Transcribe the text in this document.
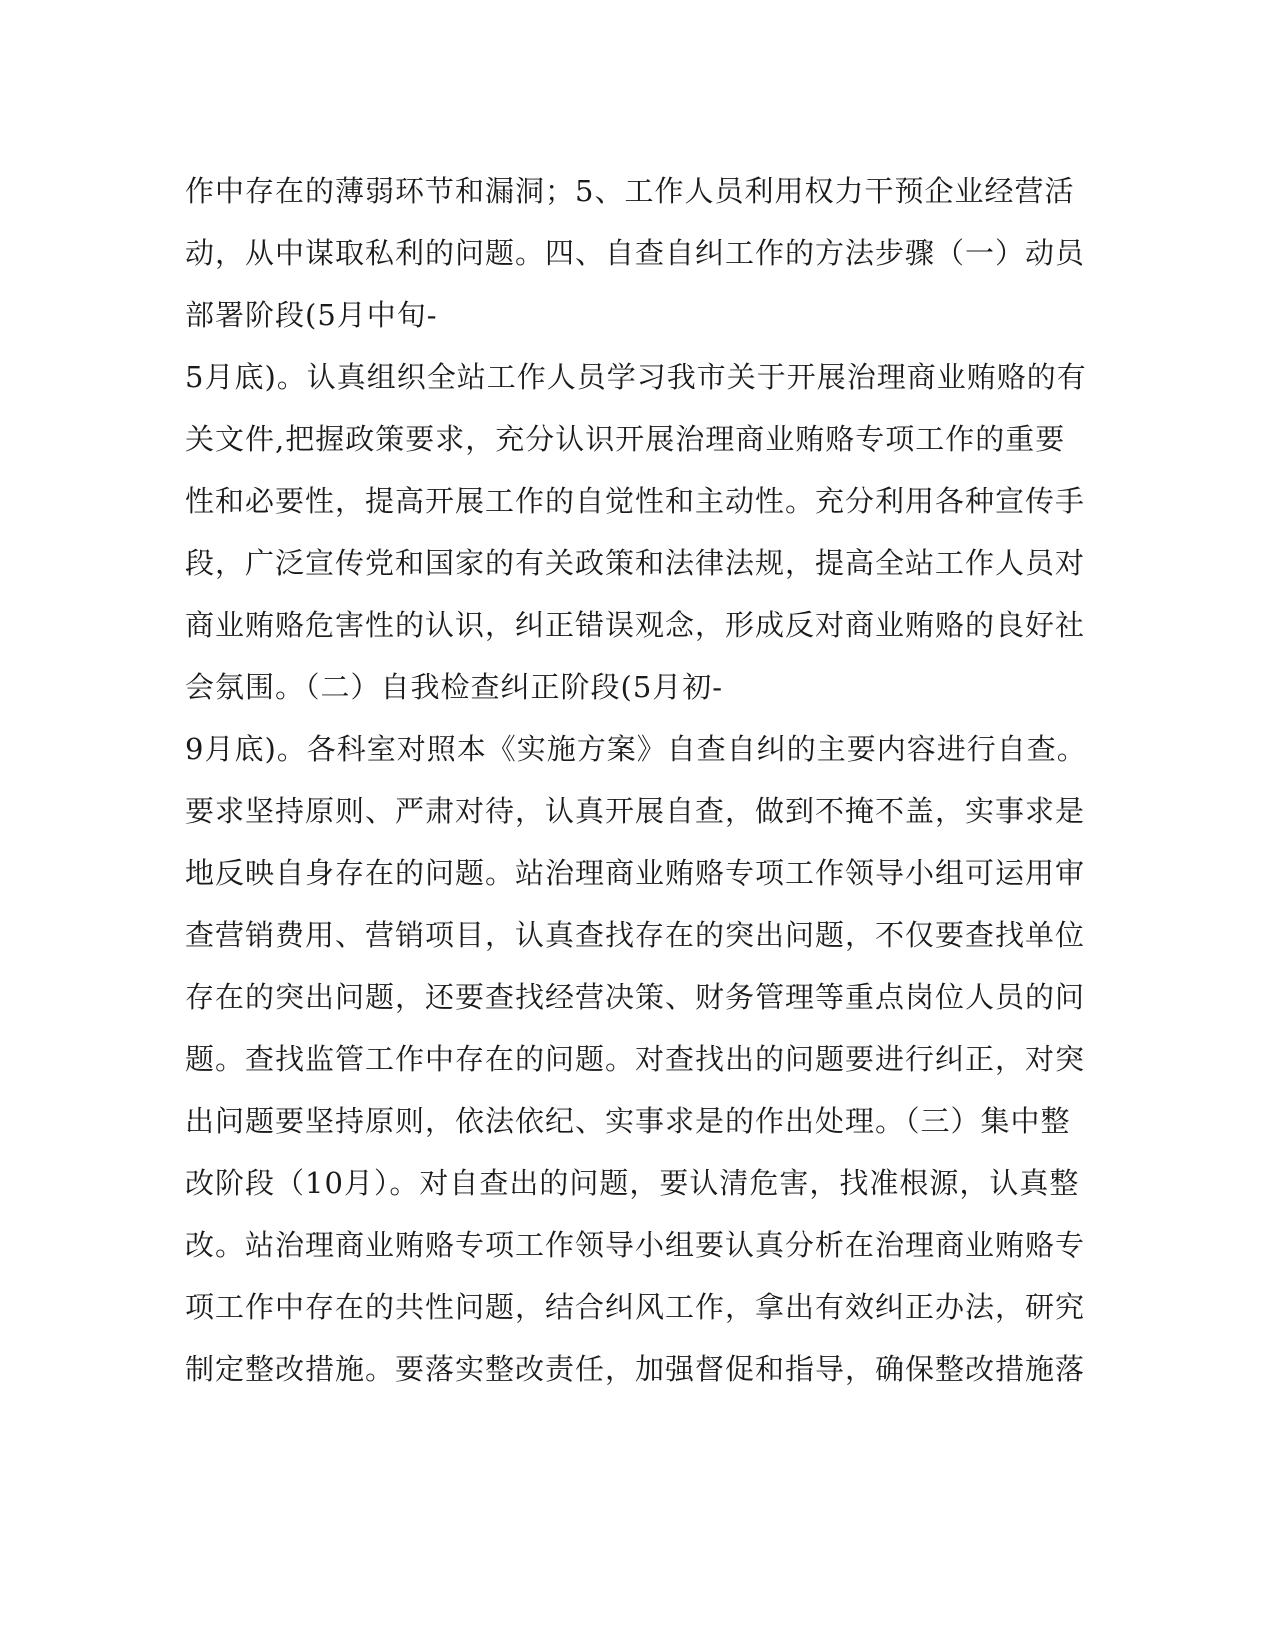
作中存在的薄弱环节和漏洞；5、工作人员利用权力干预企业经营活
动，从中谋取私利的问题。四、自查自纠工作的方法步骤（一）动员
部署阶段(5月中旬-
5月底)。认真组织全站工作人员学习我市关于开展治理商业贿赂的有
关文件,把握政策要求，充分认识开展治理商业贿赂专项工作的重要
性和必要性，提高开展工作的自觉性和主动性。充分利用各种宣传手
段，广泛宣传党和国家的有关政策和法律法规，提高全站工作人员对
商业贿赂危害性的认识，纠正错误观念，形成反对商业贿赂的良好社
会氛围。（二）自我检查纠正阶段(5月初-
9月底)。各科室对照本《实施方案》自查自纠的主要内容进行自查。
要求坚持原则、严肃对待，认真开展自查，做到不掩不盖，实事求是
地反映自身存在的问题。站治理商业贿赂专项工作领导小组可运用审
查营销费用、营销项目，认真查找存在的突出问题，不仅要查找单位
存在的突出问题，还要查找经营决策、财务管理等重点岗位人员的问
题。查找监管工作中存在的问题。对查找出的问题要进行纠正，对突
出问题要坚持原则，依法依纪、实事求是的作出处理。（三）集中整
改阶段（10月）。对自查出的问题，要认清危害，找准根源，认真整
改。站治理商业贿赂专项工作领导小组要认真分析在治理商业贿赂专
项工作中存在的共性问题，结合纠风工作，拿出有效纠正办法，研究
制定整改措施。要落实整改责任，加强督促和指导，确保整改措施落
